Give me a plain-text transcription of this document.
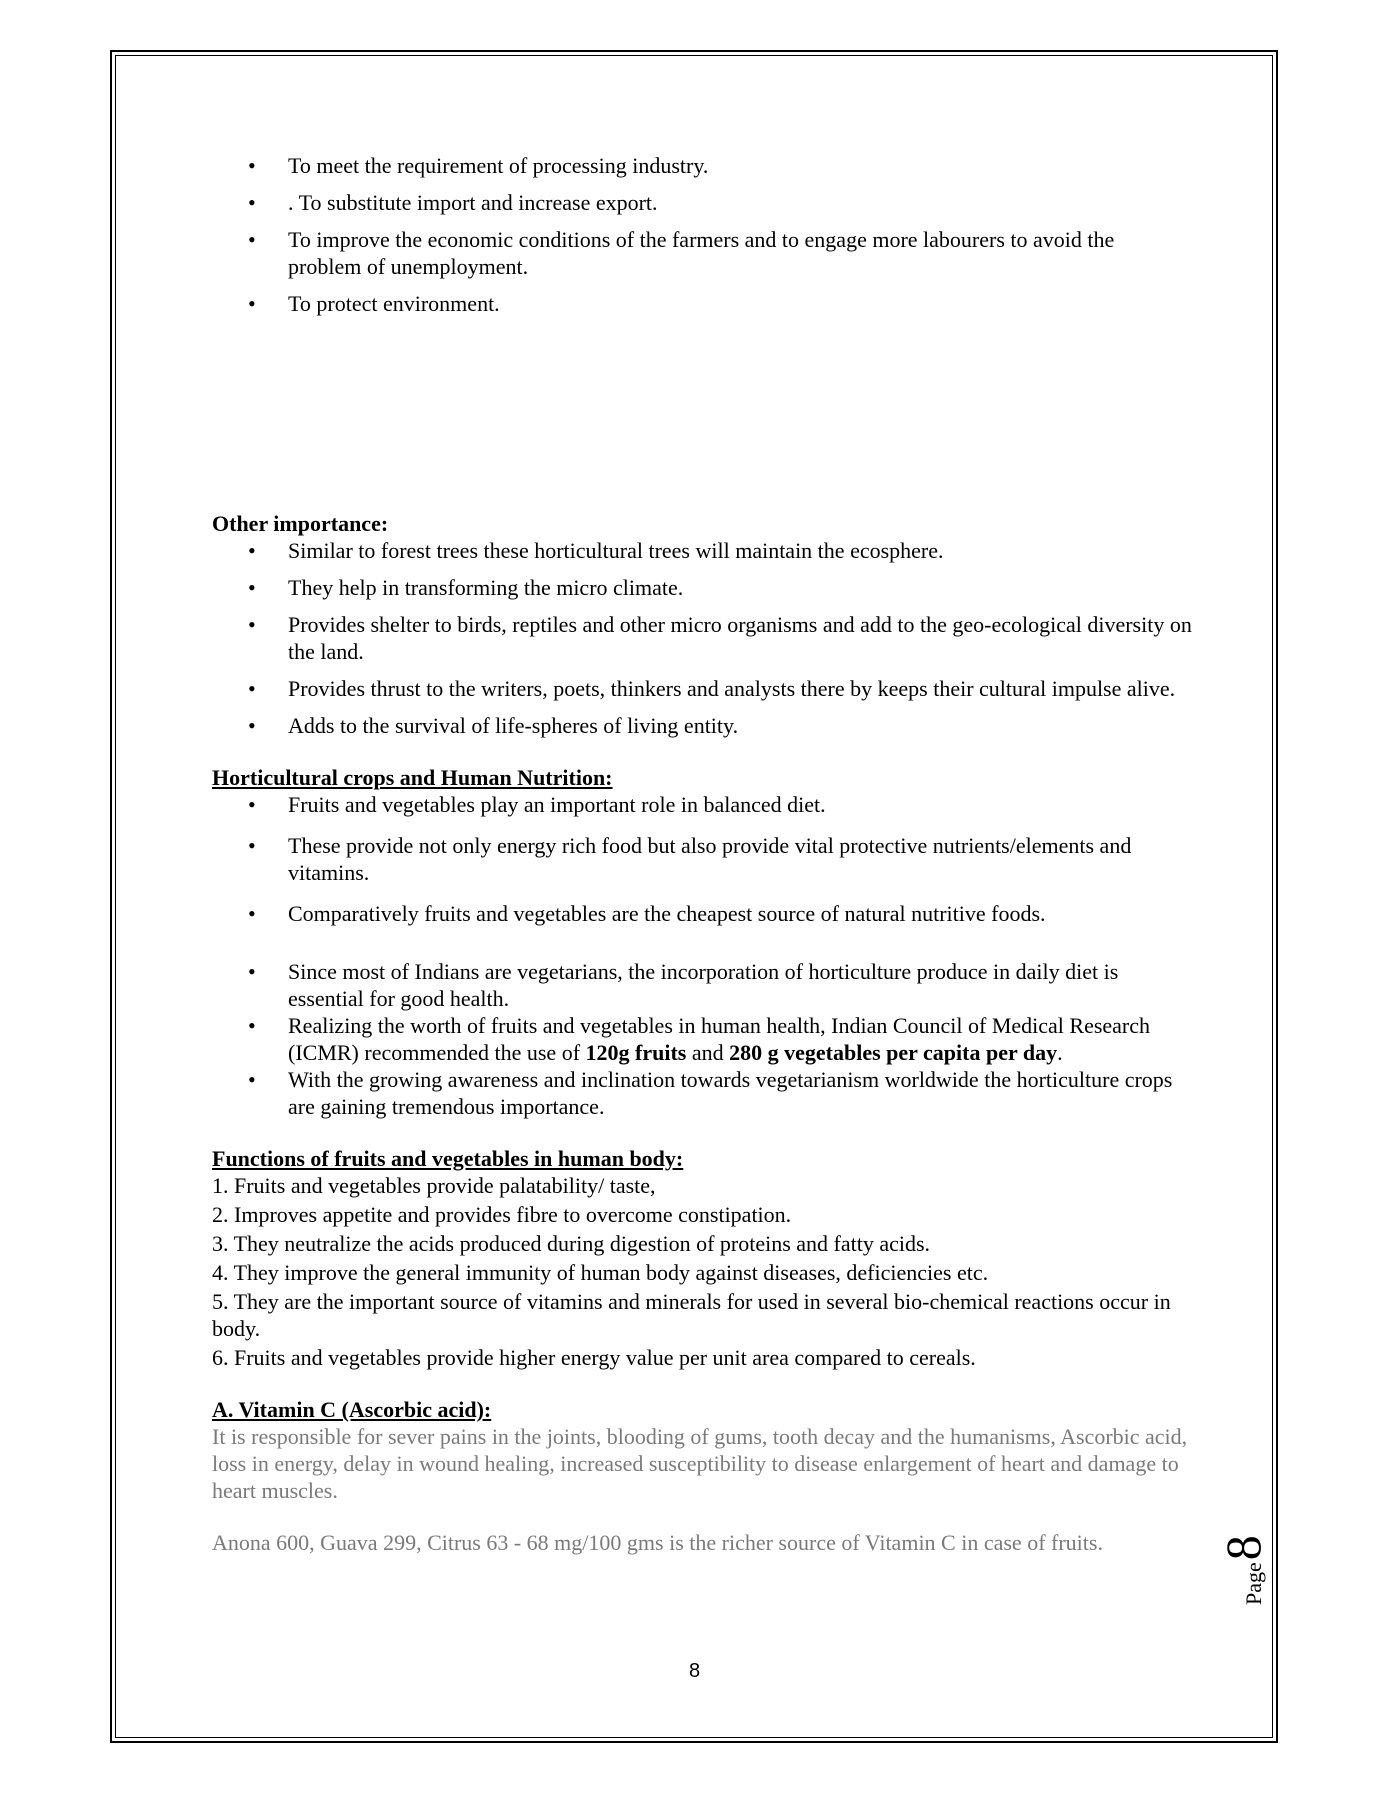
• To meet the requirement of processing industry.
• . To substitute import and increase export.
• To improve the economic conditions of the farmers and to engage more labourers to avoid the problem of unemployment.
• To protect environment.
Other importance:
• Similar to forest trees these horticultural trees will maintain the ecosphere.
• They help in transforming the micro climate.
• Provides shelter to birds, reptiles and other micro organisms and add to the geo-ecological diversity on the land.
• Provides thrust to the writers, poets, thinkers and analysts there by keeps their cultural impulse alive.
• Adds to the survival of life-spheres of living entity.
Horticultural crops and Human Nutrition:
• Fruits and vegetables play an important role in balanced diet.
• These provide not only energy rich food but also provide vital protective nutrients/elements and vitamins.
• Comparatively fruits and vegetables are the cheapest source of natural nutritive foods.
• Since most of Indians are vegetarians, the incorporation of horticulture produce in daily diet is essential for good health.
• Realizing the worth of fruits and vegetables in human health, Indian Council of Medical Research (ICMR) recommended the use of 120g fruits and 280 g vegetables per capita per day.
• With the growing awareness and inclination towards vegetarianism worldwide the horticulture crops are gaining tremendous importance.
Functions of fruits and vegetables in human body:
1. Fruits and vegetables provide palatability/ taste,
2. Improves appetite and provides fibre to overcome constipation.
3. They neutralize the acids produced during digestion of proteins and fatty acids.
4. They improve the general immunity of human body against diseases, deficiencies etc.
5. They are the important source of vitamins and minerals for used in several bio-chemical reactions occur in body.
6. Fruits and vegetables provide higher energy value per unit area compared to cereals.
A. Vitamin C (Ascorbic acid):
It is responsible for sever pains in the joints, blooding of gums, tooth decay and the humanisms, Ascorbic acid, loss in energy, delay in wound healing, increased susceptibility to disease enlargement of heart and damage to heart muscles.
Anona 600, Guava 299, Citrus 63 - 68 mg/100 gms is the richer source of Vitamin C in case of fruits.
8
Page
8
